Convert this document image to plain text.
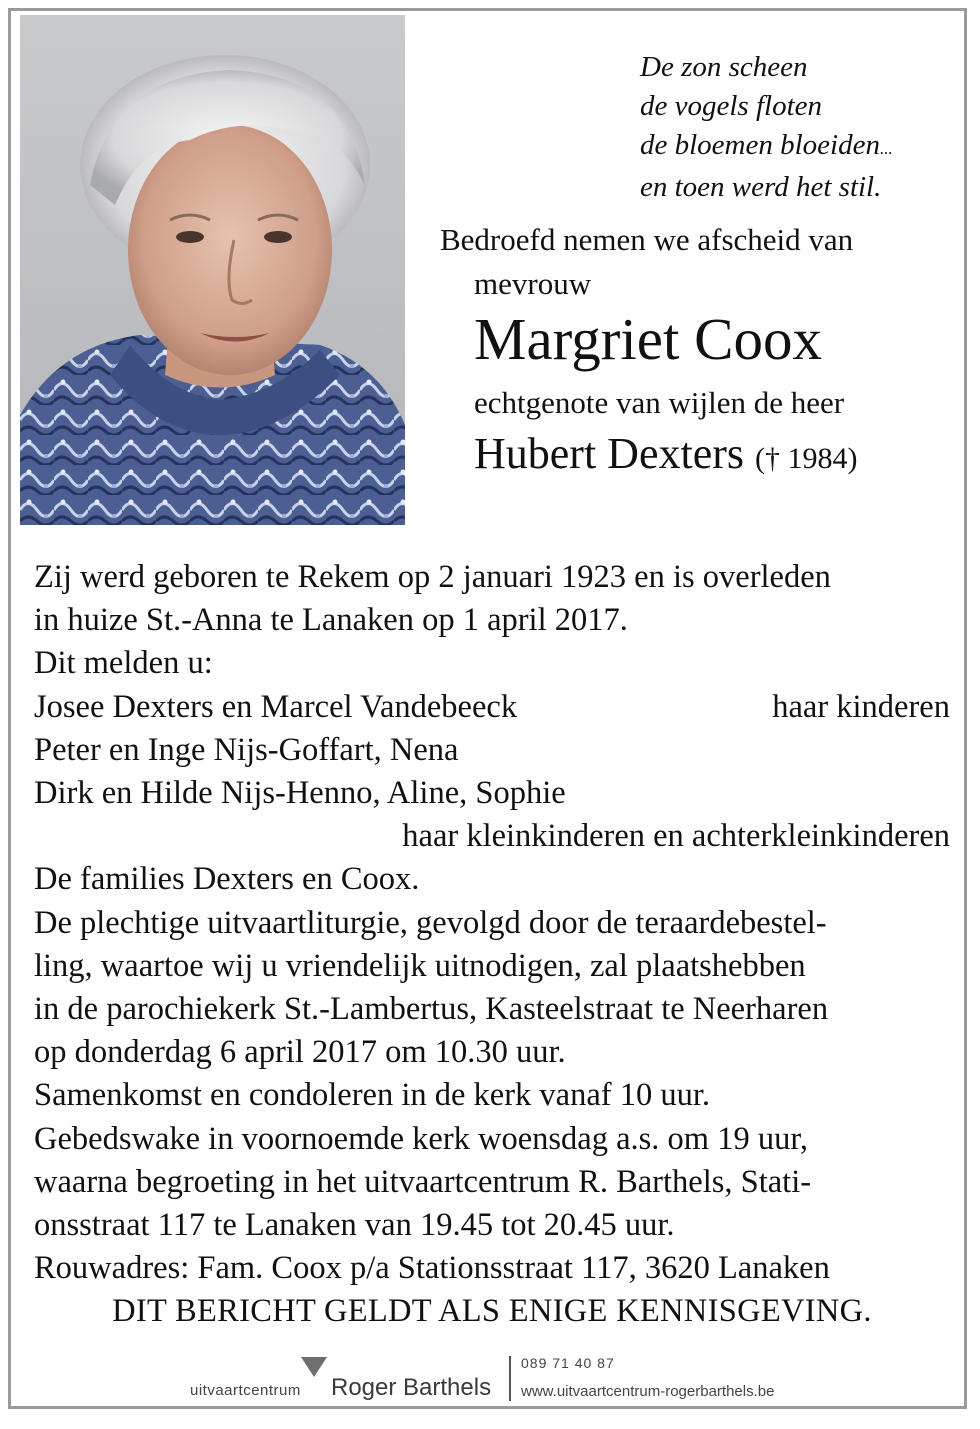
De zon scheen
de vogels floten
de bloemen bloeiden...
en toen werd het stil.
Bedroefd nemen we afscheid van
mevrouw
Margriet Coox
echtgenote van wijlen de heer
Hubert Dexters († 1984)
Zij werd geboren te Rekem op 2 januari 1923 en is overleden
in huize St.-Anna te Lanaken op 1 april 2017.
Dit melden u:
Josee Dexters en Marcel Vandebeeck	haar kinderen
Peter en Inge Nijs-Goffart, Nena
Dirk en Hilde Nijs-Henno, Aline, Sophie
haar kleinkinderen en achterkleinkinderen
De families Dexters en Coox.
De plechtige uitvaartliturgie, gevolgd door de teraardebestel-
ling, waartoe wij u vriendelijk uitnodigen, zal plaatshebben
in de parochiekerk St.-Lambertus, Kasteelstraat te Neerharen
op donderdag 6 april 2017 om 10.30 uur.
Samenkomst en condoleren in de kerk vanaf 10 uur.
Gebedswake in voornoemde kerk woensdag a.s. om 19 uur,
waarna begroeting in het uitvaartcentrum R. Barthels, Stati-
onsstraat 117 te Lanaken van 19.45 tot 20.45 uur.
Rouwadres: Fam. Coox p/a Stationsstraat 117, 3620 Lanaken
DIT BERICHT GELDT ALS ENIGE KENNISGEVING.
uitvaartcentrum Roger Barthels
089 71 40 87
www.uitvaartcentrum-rogerbarthels.be
